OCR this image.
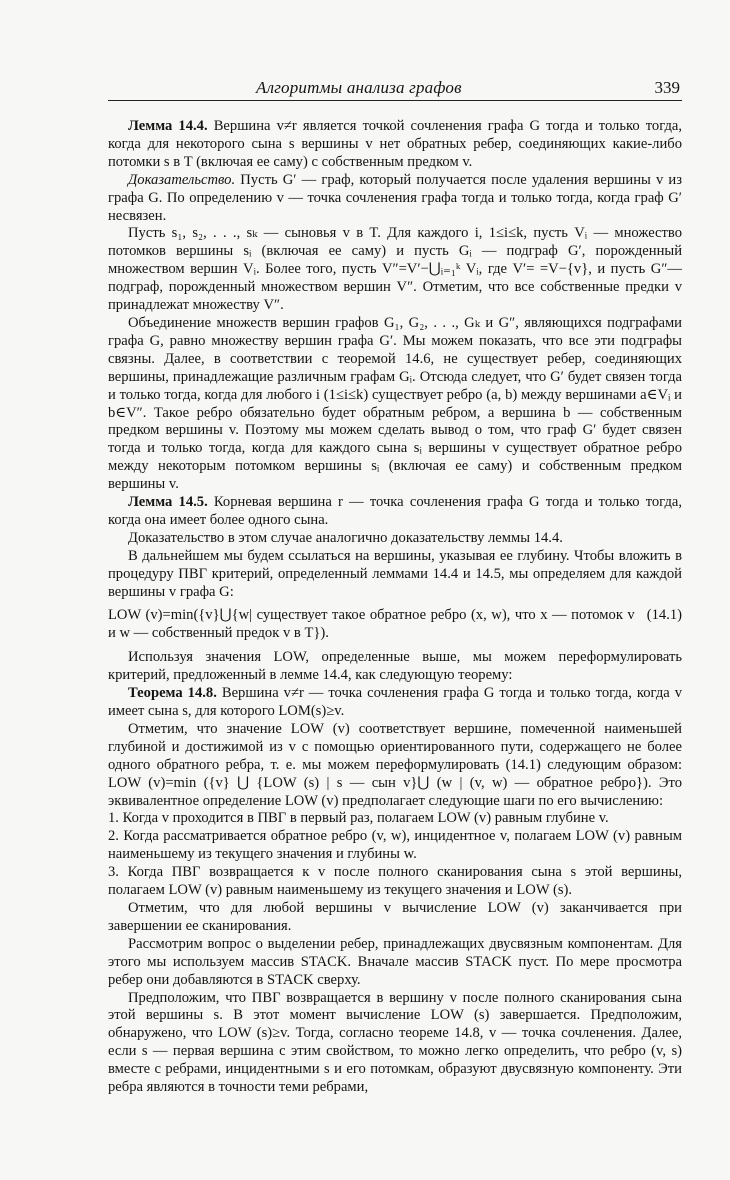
Алгоритмы анализа графов	339

Лемма 14.4. Вершина v≠r является точкой сочленения графа G тогда и только тогда, когда для некоторого сына s вершины v нет обратных ребер, соединяющих какие-либо потомки s в T (включая ее саму) с собственным предком v.

Доказательство. Пусть G′ — граф, который получается после удаления вершины v из графа G. По определению v — точка сочленения графа тогда и только тогда, когда граф G′ несвязен.

Пусть s₁, s₂, . . ., sₖ — сыновья v в T. Для каждого i, 1≤i≤k, пусть Vᵢ — множество потомков вершины sᵢ (включая ее саму) и пусть Gᵢ — подграф G′, порожденный множеством вершин Vᵢ. Более того, пусть V″=V′−⋃ᵢ₌₁ᵏ Vᵢ, где V′= =V−{v}, и пусть G″— подграф, порожденный множеством вершин V″. Отметим, что все собственные предки v принадлежат множеству V″.

Объединение множеств вершин графов G₁, G₂, . . ., Gₖ и G″, являющихся подграфами графа G, равно множеству вершин графа G′. Мы можем показать, что все эти подграфы связны. Далее, в соответствии с теоремой 14.6, не существует ребер, соединяющих вершины, принадлежащие различным графам Gᵢ. Отсюда следует, что G′ будет связен тогда и только тогда, когда для любого i (1≤i≤k) существует ребро (a, b) между вершинами a∈Vᵢ и b∈V″. Такое ребро обязательно будет обратным ребром, а вершина b — собственным предком вершины v. Поэтому мы можем сделать вывод о том, что граф G′ будет связен тогда и только тогда, когда для каждого сына sᵢ вершины v существует обратное ребро между некоторым потомком вершины sᵢ (включая ее саму) и собственным предком вершины v.

Лемма 14.5. Корневая вершина r — точка сочленения графа G тогда и только тогда, когда она имеет более одного сына.

Доказательство в этом случае аналогично доказательству леммы 14.4.

В дальнейшем мы будем ссылаться на вершины, указывая ее глубину. Чтобы вложить в процедуру ПВГ критерий, определенный леммами 14.4 и 14.5, мы определяем для каждой вершины v графа G:

LOW (v)=min({v}⋃{w| существует такое обратное ребро (x, w), что x — потомок v и w — собственный предок v в T}).
(14.1)

Используя значения LOW, определенные выше, мы можем переформулировать критерий, предложенный в лемме 14.4, как следующую теорему:

Теорема 14.8. Вершина v≠r — точка сочленения графа G тогда и только тогда, когда v имеет сына s, для которого LOM(s)≥v.

Отметим, что значение LOW (v) соответствует вершине, помеченной наименьшей глубиной и достижимой из v с помощью ориентированного пути, содержащего не более одного обратного ребра, т. е. мы можем переформулировать (14.1) следующим образом: LOW (v)=min ({v} ⋃ {LOW (s) | s — сын v}⋃ (w | (v, w) — обратное ребро}). Это эквивалентное определение LOW (v) предполагает следующие шаги по его вычислению:

1. Когда v проходится в ПВГ в первый раз, полагаем LOW (v) равным глубине v.

2. Когда рассматривается обратное ребро (v, w), инцидентное v, полагаем LOW (v) равным наименьшему из текущего значения и глубины w.

3. Когда ПВГ возвращается к v после полного сканирования сына s этой вершины, полагаем LOW (v) равным наименьшему из текущего значения и LOW (s).

Отметим, что для любой вершины v вычисление LOW (v) заканчивается при завершении ее сканирования.

Рассмотрим вопрос о выделении ребер, принадлежащих двусвязным компонентам. Для этого мы используем массив STACK. Вначале массив STACK пуст. По мере просмотра ребер они добавляются в STACK сверху.

Предположим, что ПВГ возвращается в вершину v после полного сканирования сына этой вершины s. В этот момент вычисление LOW (s) завершается. Предположим, обнаружено, что LOW (s)≥v. Тогда, согласно теореме 14.8, v — точка сочленения. Далее, если s — первая вершина с этим свойством, то можно легко определить, что ребро (v, s) вместе с ребрами, инцидентными s и его потомкам, образуют двусвязную компоненту. Эти ребра являются в точности теми ребрами,
